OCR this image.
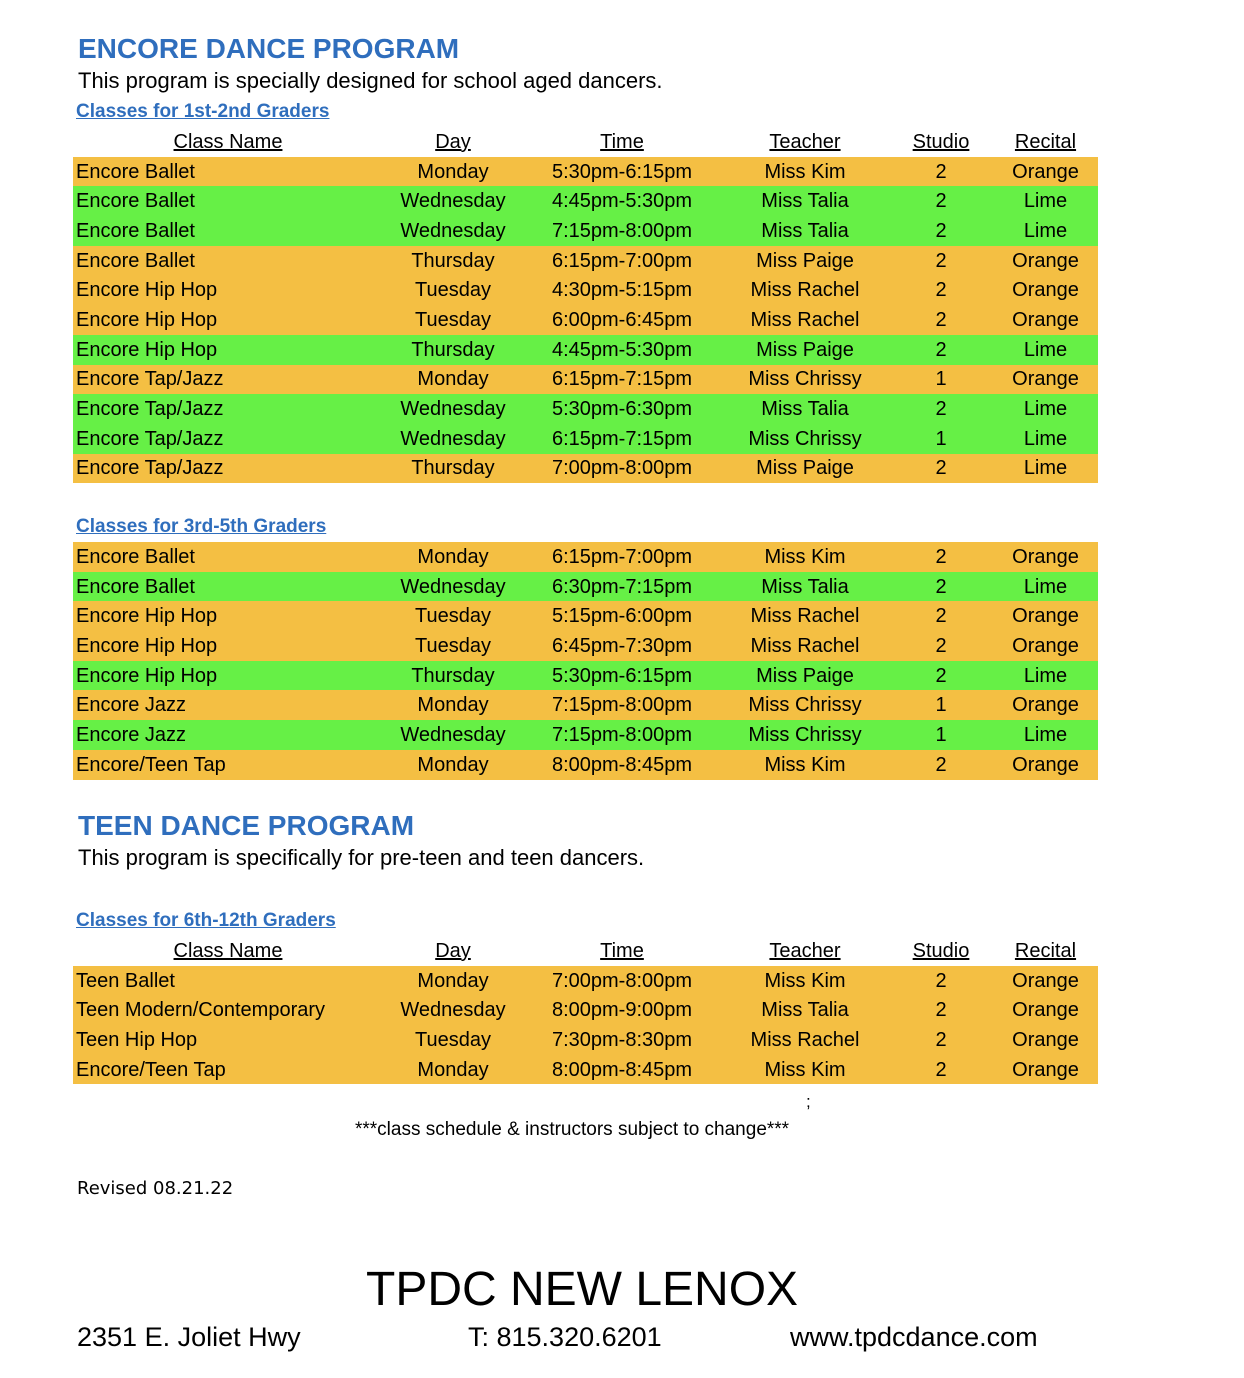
ENCORE DANCE PROGRAM

This program is specially designed for school aged dancers.

Classes for 1st-2nd Graders
Class Name	Day	Time	Teacher	Studio	Recital
Encore Ballet	Monday	5:30pm-6:15pm	Miss Kim	2	Orange
Encore Ballet	Wednesday	4:45pm-5:30pm	Miss Talia	2	Lime
Encore Ballet	Wednesday	7:15pm-8:00pm	Miss Talia	2	Lime
Encore Ballet	Thursday	6:15pm-7:00pm	Miss Paige	2	Orange
Encore Hip Hop	Tuesday	4:30pm-5:15pm	Miss Rachel	2	Orange
Encore Hip Hop	Tuesday	6:00pm-6:45pm	Miss Rachel	2	Orange
Encore Hip Hop	Thursday	4:45pm-5:30pm	Miss Paige	2	Lime
Encore Tap/Jazz	Monday	6:15pm-7:15pm	Miss Chrissy	1	Orange
Encore Tap/Jazz	Wednesday	5:30pm-6:30pm	Miss Talia	2	Lime
Encore Tap/Jazz	Wednesday	6:15pm-7:15pm	Miss Chrissy	1	Lime
Encore Tap/Jazz	Thursday	7:00pm-8:00pm	Miss Paige	2	Lime
Classes for 3rd-5th Graders
Encore Ballet	Monday	6:15pm-7:00pm	Miss Kim	2	Orange
Encore Ballet	Wednesday	6:30pm-7:15pm	Miss Talia	2	Lime
Encore Hip Hop	Tuesday	5:15pm-6:00pm	Miss Rachel	2	Orange
Encore Hip Hop	Tuesday	6:45pm-7:30pm	Miss Rachel	2	Orange
Encore Hip Hop	Thursday	5:30pm-6:15pm	Miss Paige	2	Lime
Encore Jazz	Monday	7:15pm-8:00pm	Miss Chrissy	1	Orange
Encore Jazz	Wednesday	7:15pm-8:00pm	Miss Chrissy	1	Lime
Encore/Teen Tap	Monday	8:00pm-8:45pm	Miss Kim	2	Orange
TEEN DANCE PROGRAM

This program is specifically for pre-teen and teen dancers.

Classes for 6th-12th Graders
Class Name	Day	Time	Teacher	Studio	Recital
Teen Ballet	Monday	7:00pm-8:00pm	Miss Kim	2	Orange
Teen Modern/Contemporary	Wednesday	8:00pm-9:00pm	Miss Talia	2	Orange
Teen Hip Hop	Tuesday	7:30pm-8:30pm	Miss Rachel	2	Orange
Encore/Teen Tap	Monday	8:00pm-8:45pm	Miss Kim	2	Orange
;
***class schedule & instructors subject to change***
Revised 08.21.22
TPDC NEW LENOX
2351 E. Joliet Hwy	T: 815.320.6201	www.tpdcdance.com
